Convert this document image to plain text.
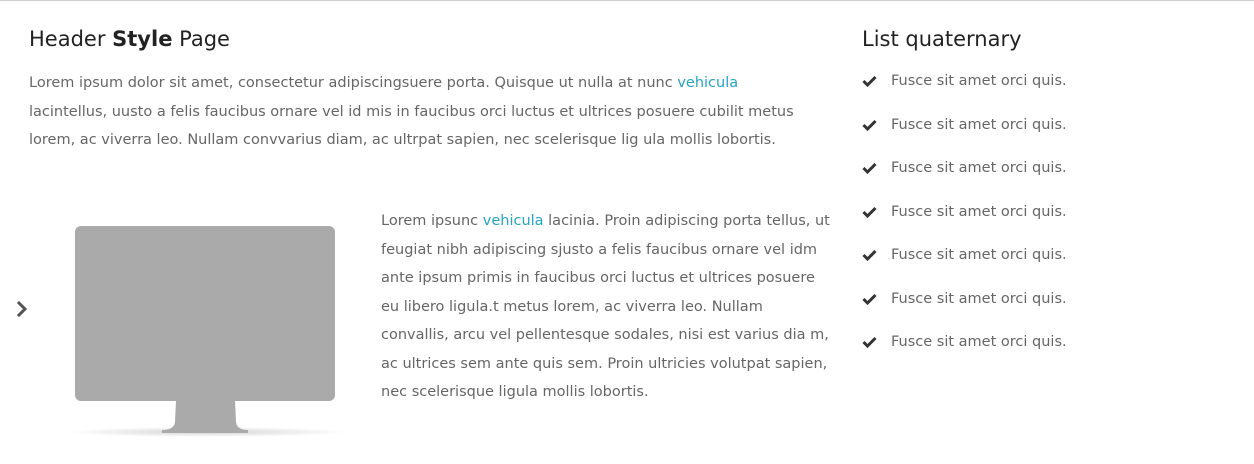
Header Style Page

Lorem ipsum dolor sit amet, consectetur adipiscingsuere porta. Quisque ut nulla at nunc vehicula lacintellus, uusto a felis faucibus ornare vel id mis in faucibus orci luctus et ultrices posuere cubilit metus lorem, ac viverra leo. Nullam convvarius diam, ac ultrpat sapien, nec scelerisque lig ula mollis lobortis.

Lorem ipsunc vehicula lacinia. Proin adipiscing porta tellus, ut feugiat nibh adipiscing sjusto a felis faucibus ornare vel idm ante ipsum primis in faucibus orci luctus et ultrices posuere eu libero ligula.t metus lorem, ac viverra leo. Nullam convallis, arcu vel pellentesque sodales, nisi est varius dia m, ac ultrices sem ante quis sem. Proin ultricies volutpat sapien, nec scelerisque ligula mollis lobortis.

List quaternary
Fusce sit amet orci quis.
Fusce sit amet orci quis.
Fusce sit amet orci quis.
Fusce sit amet orci quis.
Fusce sit amet orci quis.
Fusce sit amet orci quis.
Fusce sit amet orci quis.
